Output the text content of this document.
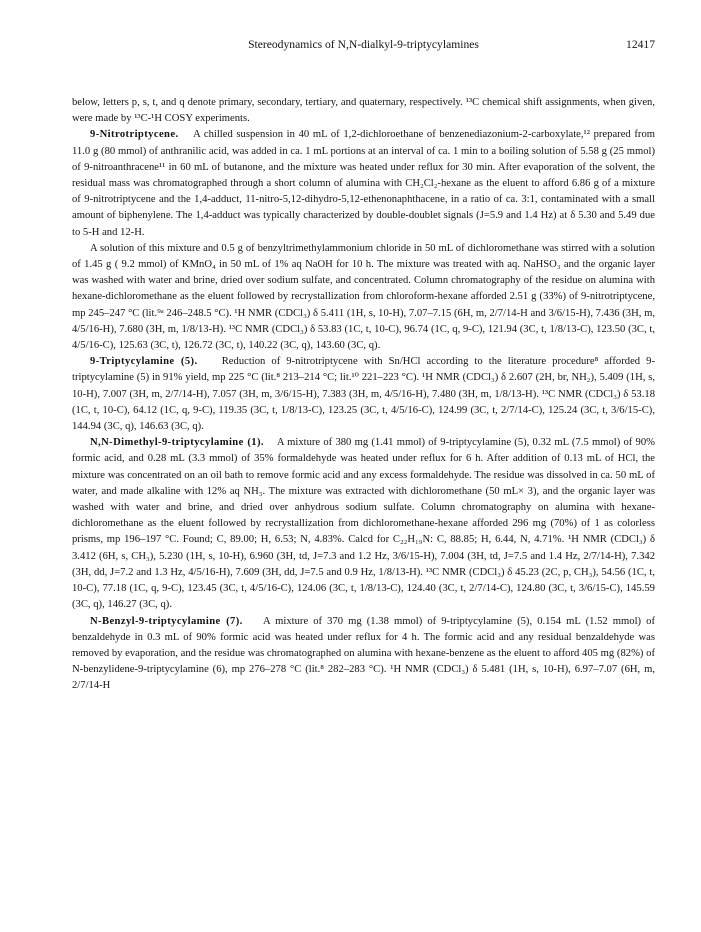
Stereodynamics of N,N-dialkyl-9-triptycylamines	12417

below, letters p, s, t, and q denote primary, secondary, tertiary, and quaternary, respectively. ¹³C chemical shift assignments, when given, were made by ¹³C-¹H COSY experiments.

9-Nitrotriptycene. A chilled suspension in 40 mL of 1,2-dichloroethane of benzenediazonium-2-carboxylate,¹² prepared from 11.0 g (80 mmol) of anthranilic acid, was added in ca. 1 mL portions at an interval of ca. 1 min to a boiling solution of 5.58 g (25 mmol) of 9-nitroanthracene¹¹ in 60 mL of butanone, and the mixture was heated under reflux for 30 min. After evaporation of the solvent, the residual mass was chromatographed through a short column of alumina with CH₂Cl₂-hexane as the eluent to afford 6.86 g of a mixture of 9-nitrotriptycene and the 1,4-adduct, 11-nitro-5,12-dihydro-5,12-ethenonaphthacene, in a ratio of ca. 3:1, contaminated with a small amount of biphenylene. The 1,4-adduct was typically characterized by double-doublet signals (J=5.9 and 1.4 Hz) at δ 5.30 and 5.49 due to 5-H and 12-H.

A solution of this mixture and 0.5 g of benzyltrimethylammonium chloride in 50 mL of dichloromethane was stirred with a solution of 1.45 g ( 9.2 mmol) of KMnO₄ in 50 mL of 1% aq NaOH for 10 h. The mixture was treated with aq. NaHSO₃ and the organic layer was washed with water and brine, dried over sodium sulfate, and concentrated. Column chromatography of the residue on alumina with hexane-dichloromethane as the eluent followed by recrystallization from chloroform-hexane afforded 2.51 g (33%) of 9-nitrotriptycene, mp 245–247 °C (lit.⁹ᵃ 246–248.5 °C). ¹H NMR (CDCl₃) δ 5.411 (1H, s, 10-H), 7.07–7.15 (6H, m, 2/7/14-H and 3/6/15-H), 7.436 (3H, m, 4/5/16-H), 7.680 (3H, m, 1/8/13-H). ¹³C NMR (CDCl₃) δ 53.83 (1C, t, 10-C), 96.74 (1C, q, 9-C), 121.94 (3C, t, 1/8/13-C), 123.50 (3C, t, 4/5/16-C), 125.63 (3C, t), 126.72 (3C, t), 140.22 (3C, q), 143.60 (3C, q).

9-Triptycylamine (5). Reduction of 9-nitrotriptycene with Sn/HCl according to the literature procedure⁸ afforded 9-triptycylamine (5) in 91% yield, mp 225 °C (lit.⁸ 213–214 °C; lit.¹⁰ 221–223 °C). ¹H NMR (CDCl₃) δ 2.607 (2H, br, NH₂), 5.409 (1H, s, 10-H), 7.007 (3H, m, 2/7/14-H), 7.057 (3H, m, 3/6/15-H), 7.383 (3H, m, 4/5/16-H), 7.480 (3H, m, 1/8/13-H). ¹³C NMR (CDCl₃) δ 53.18 (1C, t, 10-C), 64.12 (1C, q, 9-C), 119.35 (3C, t, 1/8/13-C), 123.25 (3C, t, 4/5/16-C), 124.99 (3C, t, 2/7/14-C), 125.24 (3C, t, 3/6/15-C), 144.94 (3C, q), 146.63 (3C, q).

N,N-Dimethyl-9-triptycylamine (1). A mixture of 380 mg (1.41 mmol) of 9-triptycylamine (5), 0.32 mL (7.5 mmol) of 90% formic acid, and 0.28 mL (3.3 mmol) of 35% formaldehyde was heated under reflux for 6 h. After addition of 0.13 mL of HCl, the mixture was concentrated on an oil bath to remove formic acid and any excess formaldehyde. The residue was dissolved in ca. 50 mL of water, and made alkaline with 12% aq NH₃. The mixture was extracted with dichloromethane (50 mL× 3), and the organic layer was washed with water and brine, and dried over anhydrous sodium sulfate. Column chromatography on alumina with hexane-dichloromethane as the eluent followed by recrystallization from dichloromethane-hexane afforded 296 mg (70%) of 1 as colorless prisms, mp 196–197 °C. Found; C, 89.00; H, 6.53; N, 4.83%. Calcd for C₂₂H₁₉N: C, 88.85; H, 6.44, N, 4.71%. ¹H NMR (CDCl₃) δ 3.412 (6H, s, CH₃), 5.230 (1H, s, 10-H), 6.960 (3H, td, J=7.3 and 1.2 Hz, 3/6/15-H), 7.004 (3H, td, J=7.5 and 1.4 Hz, 2/7/14-H), 7.342 (3H, dd, J=7.2 and 1.3 Hz, 4/5/16-H), 7.609 (3H, dd, J=7.5 and 0.9 Hz, 1/8/13-H). ¹³C NMR (CDCl₃) δ 45.23 (2C, p, CH₃), 54.56 (1C, t, 10-C), 77.18 (1C, q, 9-C), 123.45 (3C, t, 4/5/16-C), 124.06 (3C, t, 1/8/13-C), 124.40 (3C, t, 2/7/14-C), 124.80 (3C, t, 3/6/15-C), 145.59 (3C, q), 146.27 (3C, q).

N-Benzyl-9-triptycylamine (7). A mixture of 370 mg (1.38 mmol) of 9-triptycylamine (5), 0.154 mL (1.52 mmol) of benzaldehyde in 0.3 mL of 90% formic acid was heated under reflux for 4 h. The formic acid and any residual benzaldehyde was removed by evaporation, and the residue was chromatographed on alumina with hexane-benzene as the eluent to afford 405 mg (82%) of N-benzylidene-9-triptycylamine (6), mp 276–278 °C (lit.⁸ 282–283 °C). ¹H NMR (CDCl₃) δ 5.481 (1H, s, 10-H), 6.97–7.07 (6H, m, 2/7/14-H
